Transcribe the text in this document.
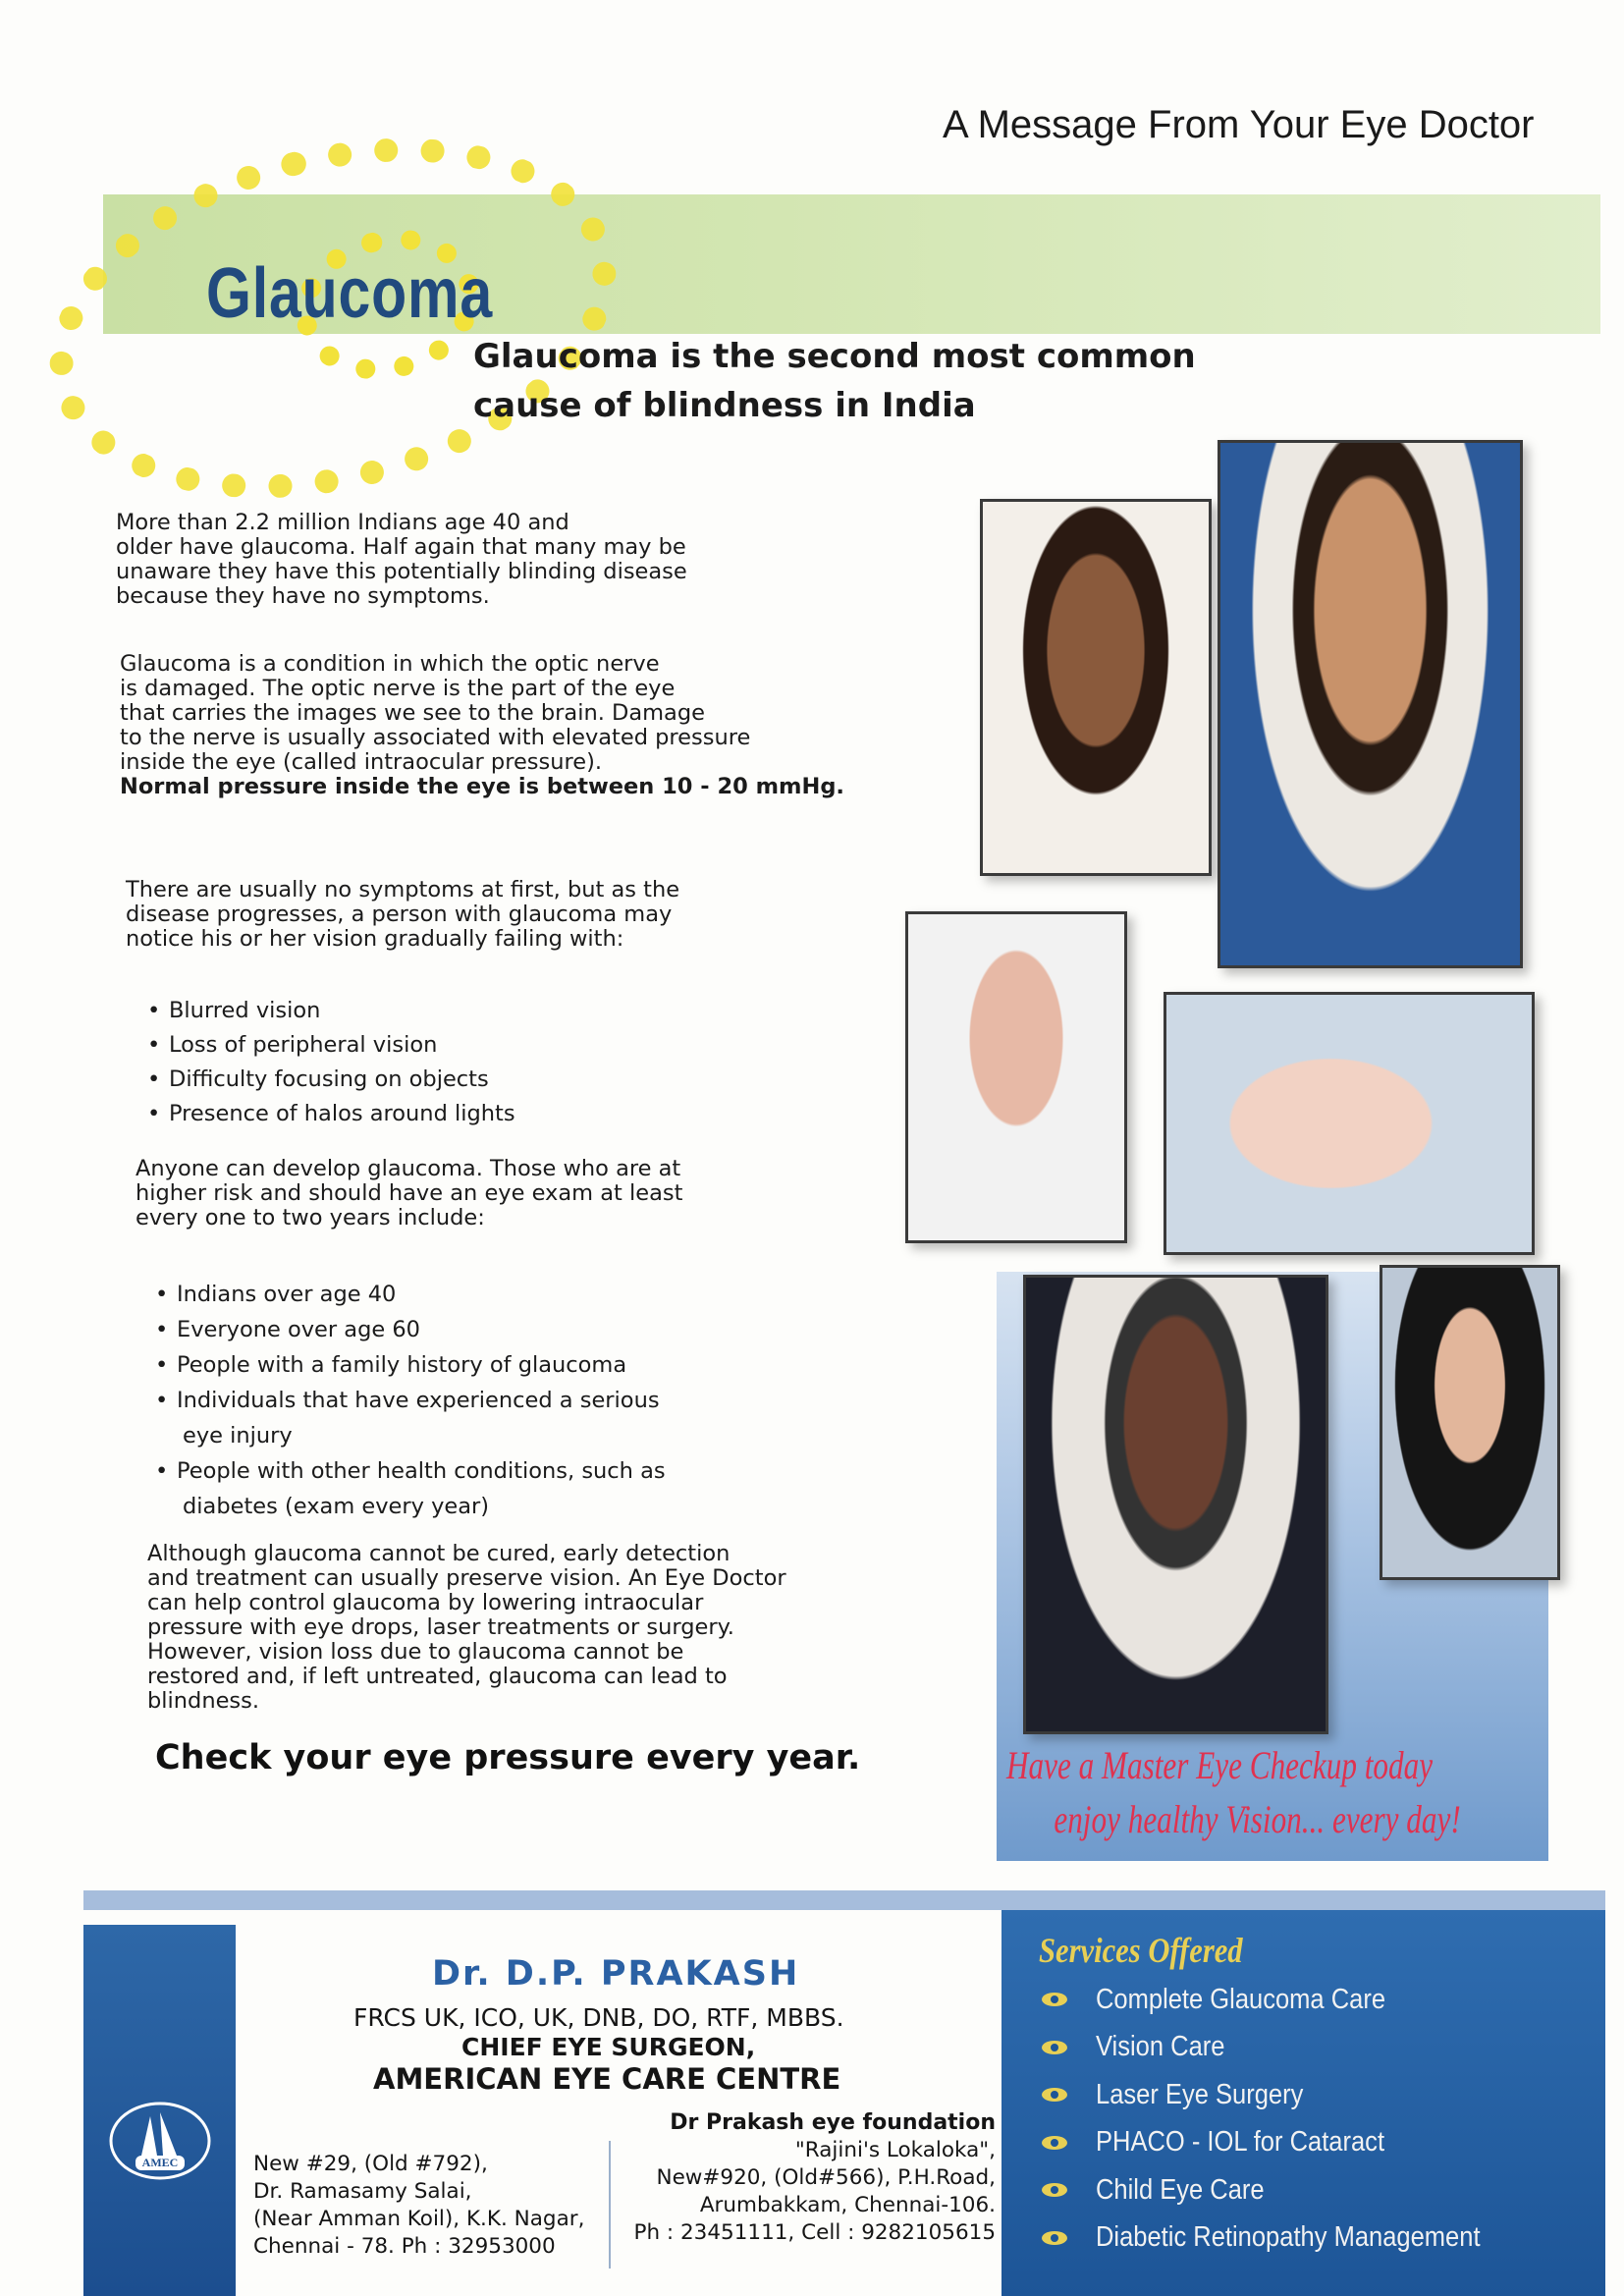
A Message From Your Eye Doctor
Glaucoma
Glaucoma is the second most common
cause of blindness in India

More than 2.2 million Indians age 40 and

older have glaucoma. Half again that many may be

unaware they have this potentially blinding disease

because they have no symptoms.

Glaucoma is a condition in which the optic nerve

is damaged. The optic nerve is the part of the eye

that carries the images we see to the brain. Damage

to the nerve is usually associated with elevated pressure

inside the eye (called intraocular pressure).

Normal pressure inside the eye is between 10 - 20 mmHg.

There are usually no symptoms at first, but as the

disease progresses, a person with glaucoma may

notice his or her vision gradually failing with:

• Blurred vision
• Loss of peripheral vision
• Difficulty focusing on objects
• Presence of halos around lights

Anyone can develop glaucoma. Those who are at

higher risk and should have an eye exam at least

every one to two years include:

• Indians over age 40
• Everyone over age 60
• People with a family history of glaucoma
• Individuals that have experienced a serious
eye injury
• People with other health conditions, such as
diabetes (exam every year)

Although glaucoma cannot be cured, early detection

and treatment can usually preserve vision. An Eye Doctor

can help control glaucoma by lowering intraocular

pressure with eye drops, laser treatments or surgery.

However, vision loss due to glaucoma cannot be

restored and, if left untreated, glaucoma can lead to

blindness.

Check your eye pressure every year.	Have a Master Eye Checkup today
enjoy healthy Vision... every day!
AMEC
Dr. D.P. PRAKASH
FRCS UK, ICO, UK, DNB, DO, RTF, MBBS.
CHIEF EYE SURGEON,
AMERICAN EYE CARE CENTRE
New #29, (Old #792),
Dr. Ramasamy Salai,
(Near Amman Koil), K.K. Nagar,
Chennai - 78. Ph : 32953000
Dr Prakash eye foundation
"Rajini's Lokaloka",
New#920, (Old#566), P.H.Road,
Arumbakkam, Chennai-106.
Ph : 23451111, Cell : 9282105615
Services Offered
Complete Glaucoma Care
Vision Care
Laser Eye Surgery
PHACO - IOL for Cataract
Child Eye Care
Diabetic Retinopathy Management
